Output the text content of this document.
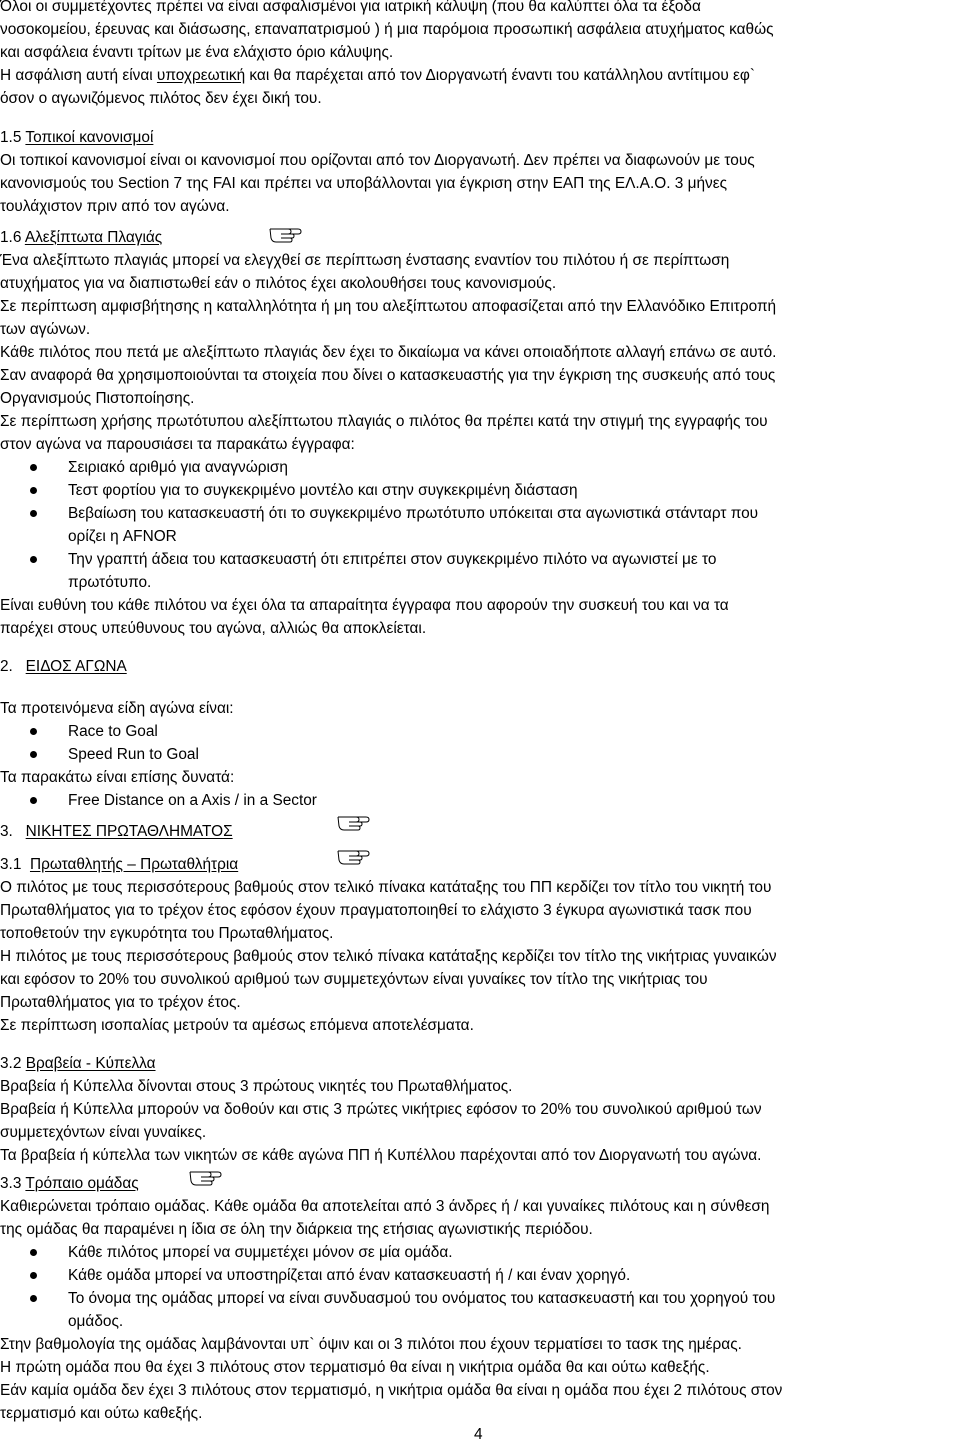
Όλοι οι συμμετέχοντες πρέπει να είναι ασφαλισμένοι για ιατρική κάλυψη (που θα καλύπτει όλα τα έξοδα
νοσοκομείου, έρευνας και διάσωσης, επαναπατρισμού ) ή μια παρόμοια προσωπική ασφάλεια ατυχήματος καθώς
και ασφάλεια έναντι τρίτων με ένα ελάχιστο όριο κάλυψης.
Η ασφάλιση αυτή είναι υποχρεωτική και θα παρέχεται από τον Διοργανωτή έναντι του κατάλληλου αντίτιμου εφ`
όσον ο αγωνιζόμενος πιλότος δεν έχει δική του.
1.5 Τοπικοί κανονισμοί
Οι τοπικοί κανονισμοί είναι οι κανονισμοί που ορίζονται από τον Διοργανωτή. Δεν πρέπει να διαφωνούν με τους
κανονισμούς του Section 7 της FAI και πρέπει να υποβάλλονται για έγκριση στην ΕΑΠ της ΕΛ.Α.Ο. 3 μήνες
τουλάχιστον πριν από τον αγώνα.
1.6 Αλεξίπτωτα Πλαγιάς
Ένα αλεξίπτωτο πλαγιάς μπορεί να ελεγχθεί σε περίπτωση ένστασης εναντίον του πιλότου ή σε περίπτωση
ατυχήματος για να διαπιστωθεί εάν ο πιλότος έχει ακολουθήσει τους κανονισμούς.
Σε περίπτωση αμφισβήτησης η καταλληλότητα ή μη του αλεξίπτωτου αποφασίζεται από την Ελλανόδικο Επιτροπή
των αγώνων.
Κάθε πιλότος που πετά με αλεξίπτωτο πλαγιάς δεν έχει το δικαίωμα να κάνει οποιαδήποτε αλλαγή επάνω σε αυτό.
Σαν αναφορά θα χρησιμοποιούνται τα στοιχεία που δίνει ο κατασκευαστής για την έγκριση της συσκευής από τους
Οργανισμούς Πιστοποίησης.
Σε περίπτωση χρήσης πρωτότυπου αλεξίπτωτου πλαγιάς ο πιλότος θα πρέπει κατά την στιγμή της εγγραφής του
στον αγώνα να παρουσιάσει τα παρακάτω έγγραφα:
Σειριακό αριθμό για αναγνώριση
Τεστ φορτίου για το συγκεκριμένο μοντέλο και στην συγκεκριμένη διάσταση
Βεβαίωση του κατασκευαστή ότι το συγκεκριμένο πρωτότυπο υπόκειται στα αγωνιστικά στάνταρτ που
ορίζει η AFNOR
Την γραπτή άδεια του κατασκευαστή ότι επιτρέπει στον συγκεκριμένο πιλότο να αγωνιστεί με το
πρωτότυπο.
Είναι ευθύνη του κάθε πιλότου να έχει όλα τα απαραίτητα έγγραφα που αφορούν την συσκευή του και να τα
παρέχει στους υπεύθυνους του αγώνα, αλλιώς θα αποκλείεται.
2. ΕΙΔΟΣ ΑΓΩΝΑ
Τα προτεινόμενα είδη αγώνα είναι:
Race to Goal
Speed Run to Goal
Τα παρακάτω είναι επίσης δυνατά:
Free Distance on a Axis / in a Sector
3. ΝΙΚΗΤΕΣ ΠΡΩΤΑΘΛΗΜΑΤΟΣ
3.1 Πρωταθλητής – Πρωταθλήτρια
Ο πιλότος με τους περισσότερους βαθμούς στον τελικό πίνακα κατάταξης του ΠΠ κερδίζει τον τίτλο του νικητή του
Πρωταθλήματος για το τρέχον έτος εφόσον έχουν πραγματοποιηθεί το ελάχιστο 3 έγκυρα αγωνιστικά τασκ που
τοποθετούν την εγκυρότητα του Πρωταθλήματος.
Η πιλότος με τους περισσότερους βαθμούς στον τελικό πίνακα κατάταξης κερδίζει τον τίτλο της νικήτριας γυναικών
και εφόσον το 20% του συνολικού αριθμού των συμμετεχόντων είναι γυναίκες τον τίτλο της νικήτριας του
Πρωταθλήματος για το τρέχον έτος.
Σε περίπτωση ισοπαλίας μετρούν τα αμέσως επόμενα αποτελέσματα.
3.2 Βραβεία - Κύπελλα
Βραβεία ή Κύπελλα δίνονται στους 3 πρώτους νικητές του Πρωταθλήματος.
Βραβεία ή Κύπελλα μπορούν να δοθούν και στις 3 πρώτες νικήτριες εφόσον το 20% του συνολικού αριθμού των
συμμετεχόντων είναι γυναίκες.
Τα βραβεία ή κύπελλα των νικητών σε κάθε αγώνα ΠΠ ή Κυπέλλου παρέχονται από τον Διοργανωτή του αγώνα.
3.3 Τρόπαιο ομάδας
Καθιερώνεται τρόπαιο ομάδας. Κάθε ομάδα θα αποτελείται από 3 άνδρες ή / και γυναίκες πιλότους και η σύνθεση
της ομάδας θα παραμένει η ίδια σε όλη την διάρκεια της ετήσιας αγωνιστικής περιόδου.
Κάθε πιλότος μπορεί να συμμετέχει μόνον σε μία ομάδα.
Κάθε ομάδα μπορεί να υποστηρίζεται από έναν κατασκευαστή ή / και έναν χορηγό.
Το όνομα της ομάδας μπορεί να είναι συνδυασμού του ονόματος του κατασκευαστή και του χορηγού του
ομάδος.
Στην βαθμολογία της ομάδας λαμβάνονται υπ` όψιν και οι 3 πιλότοι που έχουν τερματίσει το τασκ της ημέρας.
Η πρώτη ομάδα που θα έχει 3 πιλότους στον τερματισμό θα είναι η νικήτρια ομάδα θα και ούτω καθεξής.
Εάν καμία ομάδα δεν έχει 3 πιλότους στον τερματισμό, η νικήτρια ομάδα θα είναι η ομάδα που έχει 2 πιλότους στον
τερματισμό και ούτω καθεξής.
4
